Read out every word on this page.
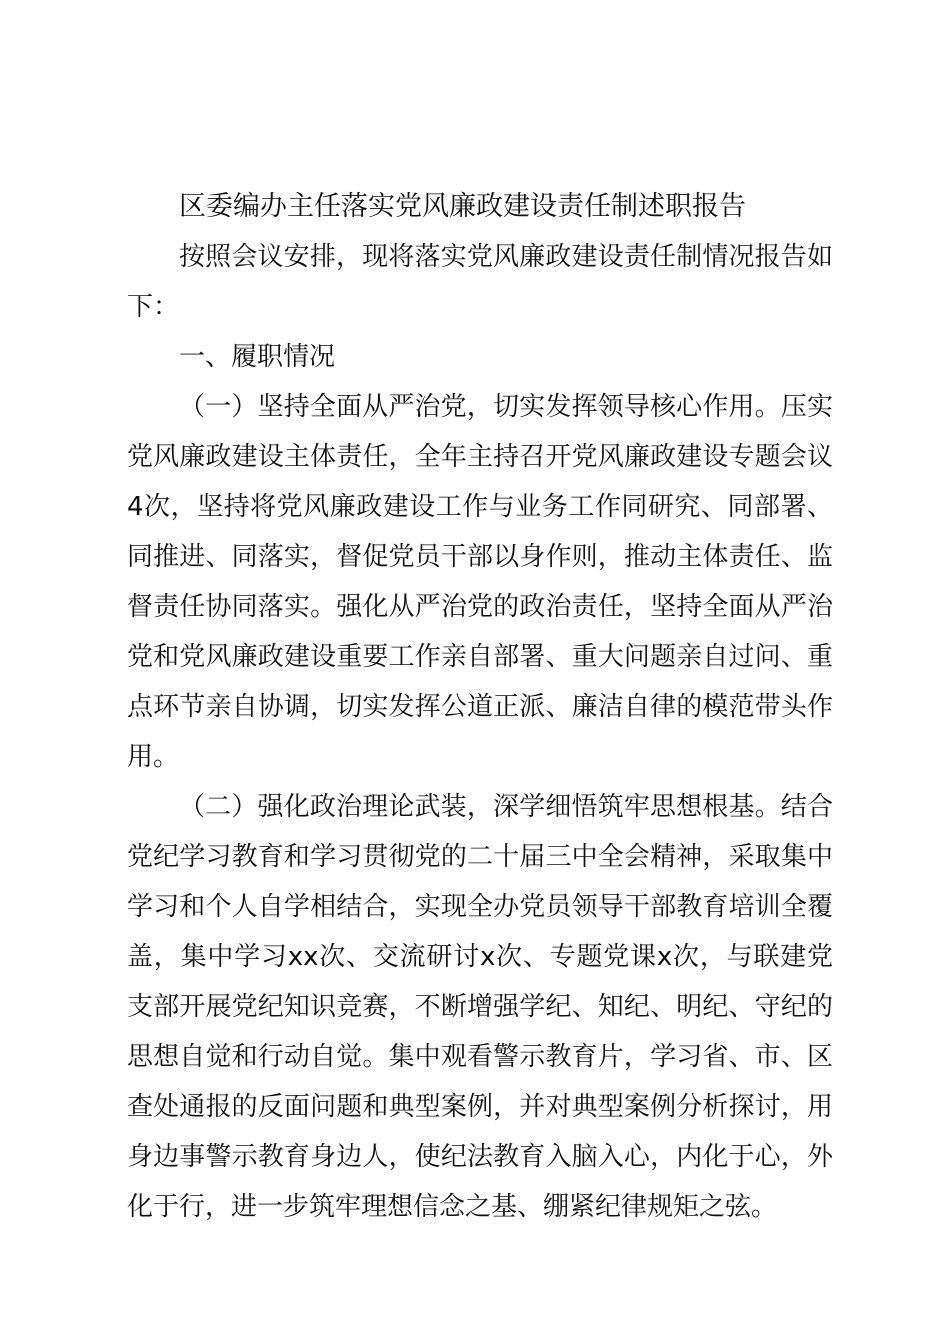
区委编办主任落实党风廉政建设责任制述职报告

按照会议安排，现将落实党风廉政建设责任制情况报告如下：

一、履职情况

（一）坚持全面从严治党，切实发挥领导核心作用。压实党风廉政建设主体责任，全年主持召开党风廉政建设专题会议4次，坚持将党风廉政建设工作与业务工作同研究、同部署、同推进、同落实，督促党员干部以身作则，推动主体责任、监督责任协同落实。强化从严治党的政治责任，坚持全面从严治党和党风廉政建设重要工作亲自部署、重大问题亲自过问、重点环节亲自协调，切实发挥公道正派、廉洁自律的模范带头作用。

（二）强化政治理论武装，深学细悟筑牢思想根基。结合党纪学习教育和学习贯彻党的二十届三中全会精神，采取集中学习和个人自学相结合，实现全办党员领导干部教育培训全覆盖，集中学习xx次、交流研讨x次、专题党课x次，与联建党支部开展党纪知识竞赛，不断增强学纪、知纪、明纪、守纪的思想自觉和行动自觉。集中观看警示教育片，学习省、市、区查处通报的反面问题和典型案例，并对典型案例分析探讨，用身边事警示教育身边人，使纪法教育入脑入心，内化于心，外化于行，进一步筑牢理想信念之基、绷紧纪律规矩之弦。
